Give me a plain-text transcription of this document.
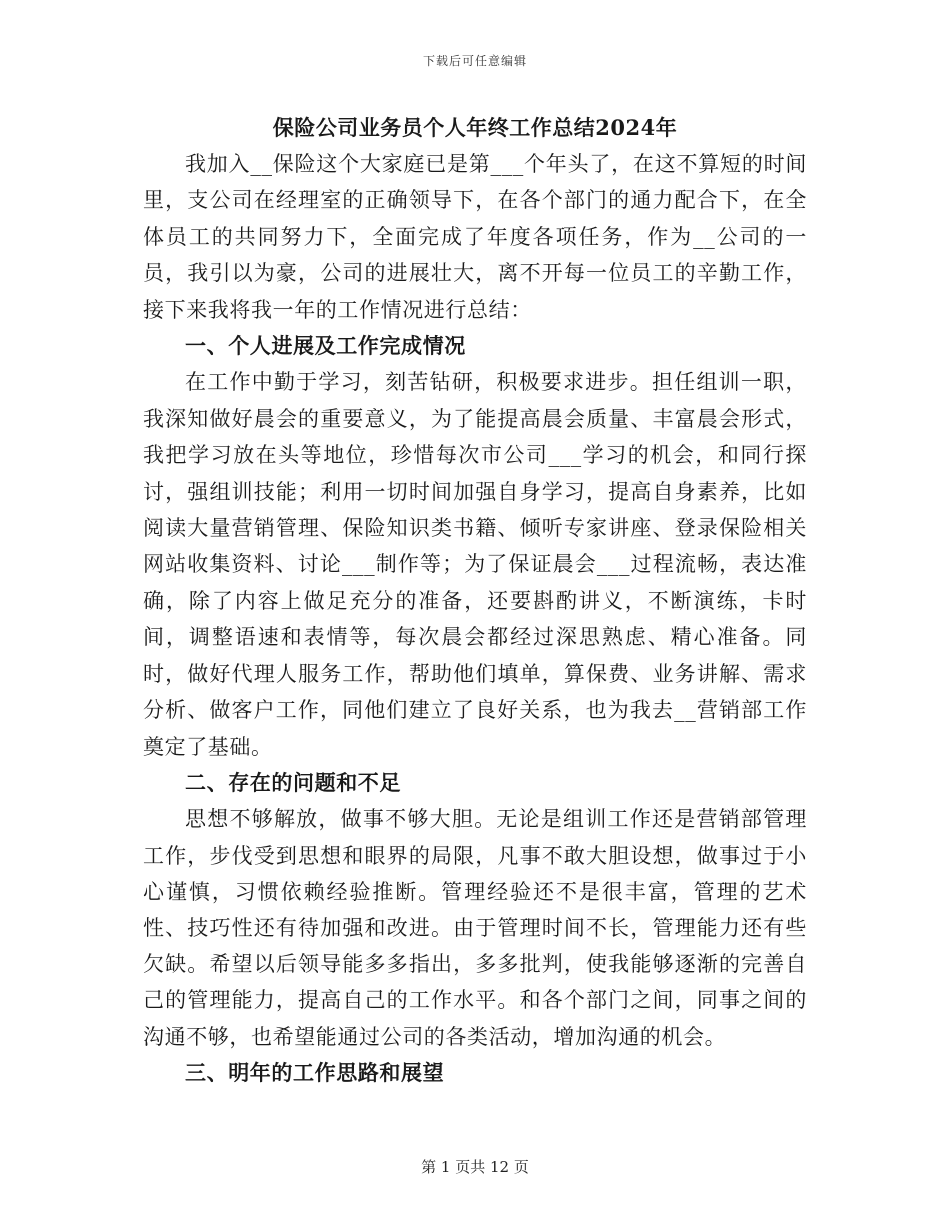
下载后可任意编辑
保险公司业务员个人年终工作总结2024年

我加入__保险这个大家庭已是第___个年头了，在这不算短的时间里，支公司在经理室的正确领导下，在各个部门的通力配合下，在全体员工的共同努力下，全面完成了年度各项任务，作为__公司的一员，我引以为豪，公司的进展壮大，离不开每一位员工的辛勤工作，接下来我将我一年的工作情况进行总结：

一、个人进展及工作完成情况

在工作中勤于学习，刻苦钻研，积极要求进步。担任组训一职，我深知做好晨会的重要意义，为了能提高晨会质量、丰富晨会形式，我把学习放在头等地位，珍惜每次市公司___学习的机会，和同行探讨，强组训技能；利用一切时间加强自身学习，提高自身素养，比如阅读大量营销管理、保险知识类书籍、倾听专家讲座、登录保险相关网站收集资料、讨论___制作等；为了保证晨会___过程流畅，表达准确，除了内容上做足充分的准备，还要斟酌讲义，不断演练，卡时间，调整语速和表情等，每次晨会都经过深思熟虑、精心准备。同时，做好代理人服务工作，帮助他们填单，算保费、业务讲解、需求分析、做客户工作，同他们建立了良好关系，也为我去__营销部工作奠定了基础。

二、存在的问题和不足

思想不够解放，做事不够大胆。无论是组训工作还是营销部管理工作，步伐受到思想和眼界的局限，凡事不敢大胆设想，做事过于小心谨慎，习惯依赖经验推断。管理经验还不是很丰富，管理的艺术性、技巧性还有待加强和改进。由于管理时间不长，管理能力还有些欠缺。希望以后领导能多多指出，多多批判，使我能够逐渐的完善自己的管理能力，提高自己的工作水平。和各个部门之间，同事之间的沟通不够，也希望能通过公司的各类活动，增加沟通的机会。

三、明年的工作思路和展望

第 1 页共 12 页
